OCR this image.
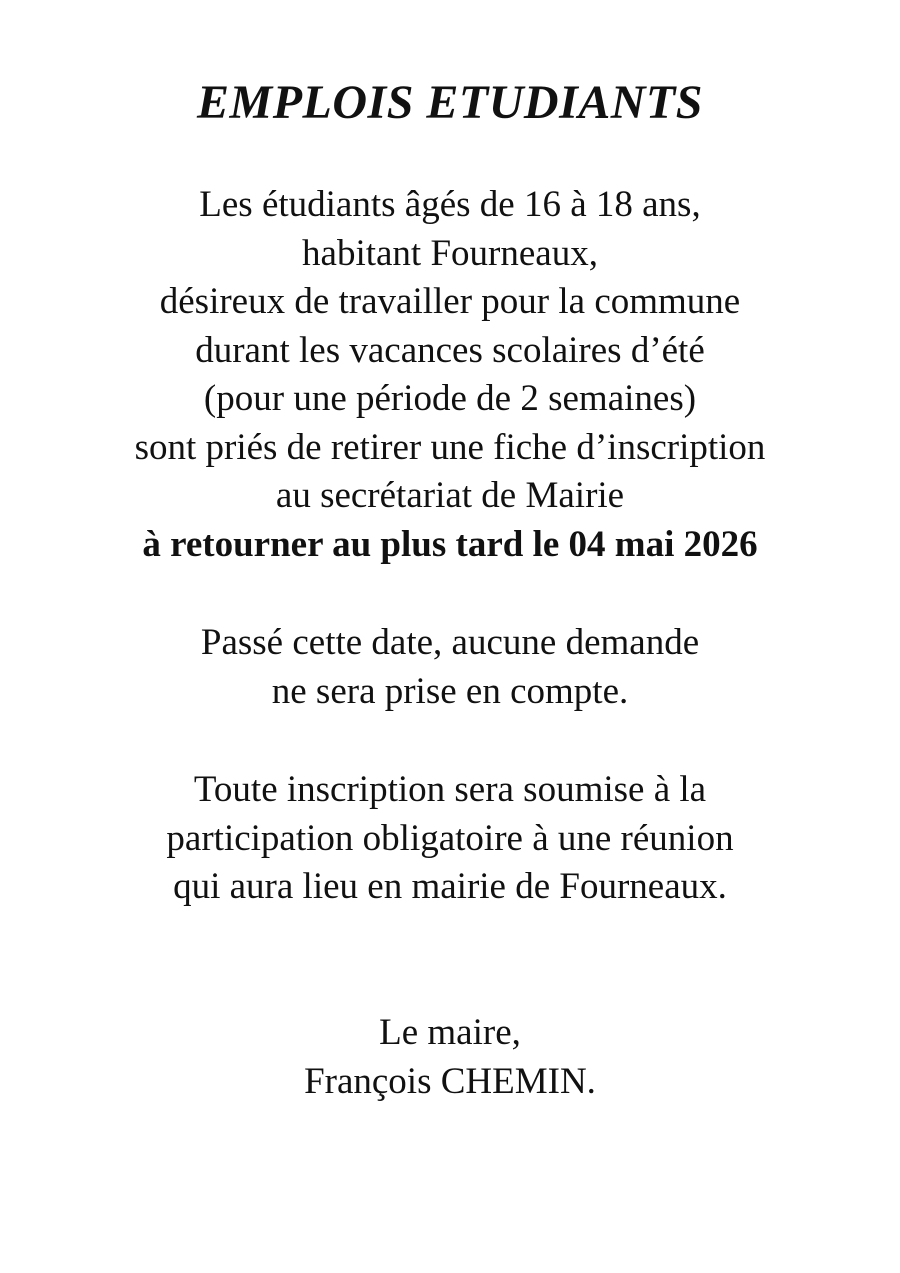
EMPLOIS ETUDIANTS
Les étudiants âgés de 16 à 18 ans,
habitant Fourneaux,
désireux de travailler pour la commune
durant les vacances scolaires d’été
(pour une période de 2 semaines)
sont priés de retirer une fiche d’inscription
au secrétariat de Mairie
à retourner au plus tard le 04 mai 2026
Passé cette date, aucune demande
ne sera prise en compte.
Toute inscription sera soumise à la
participation obligatoire à une réunion
qui aura lieu en mairie de Fourneaux.
Le maire,
François CHEMIN.
